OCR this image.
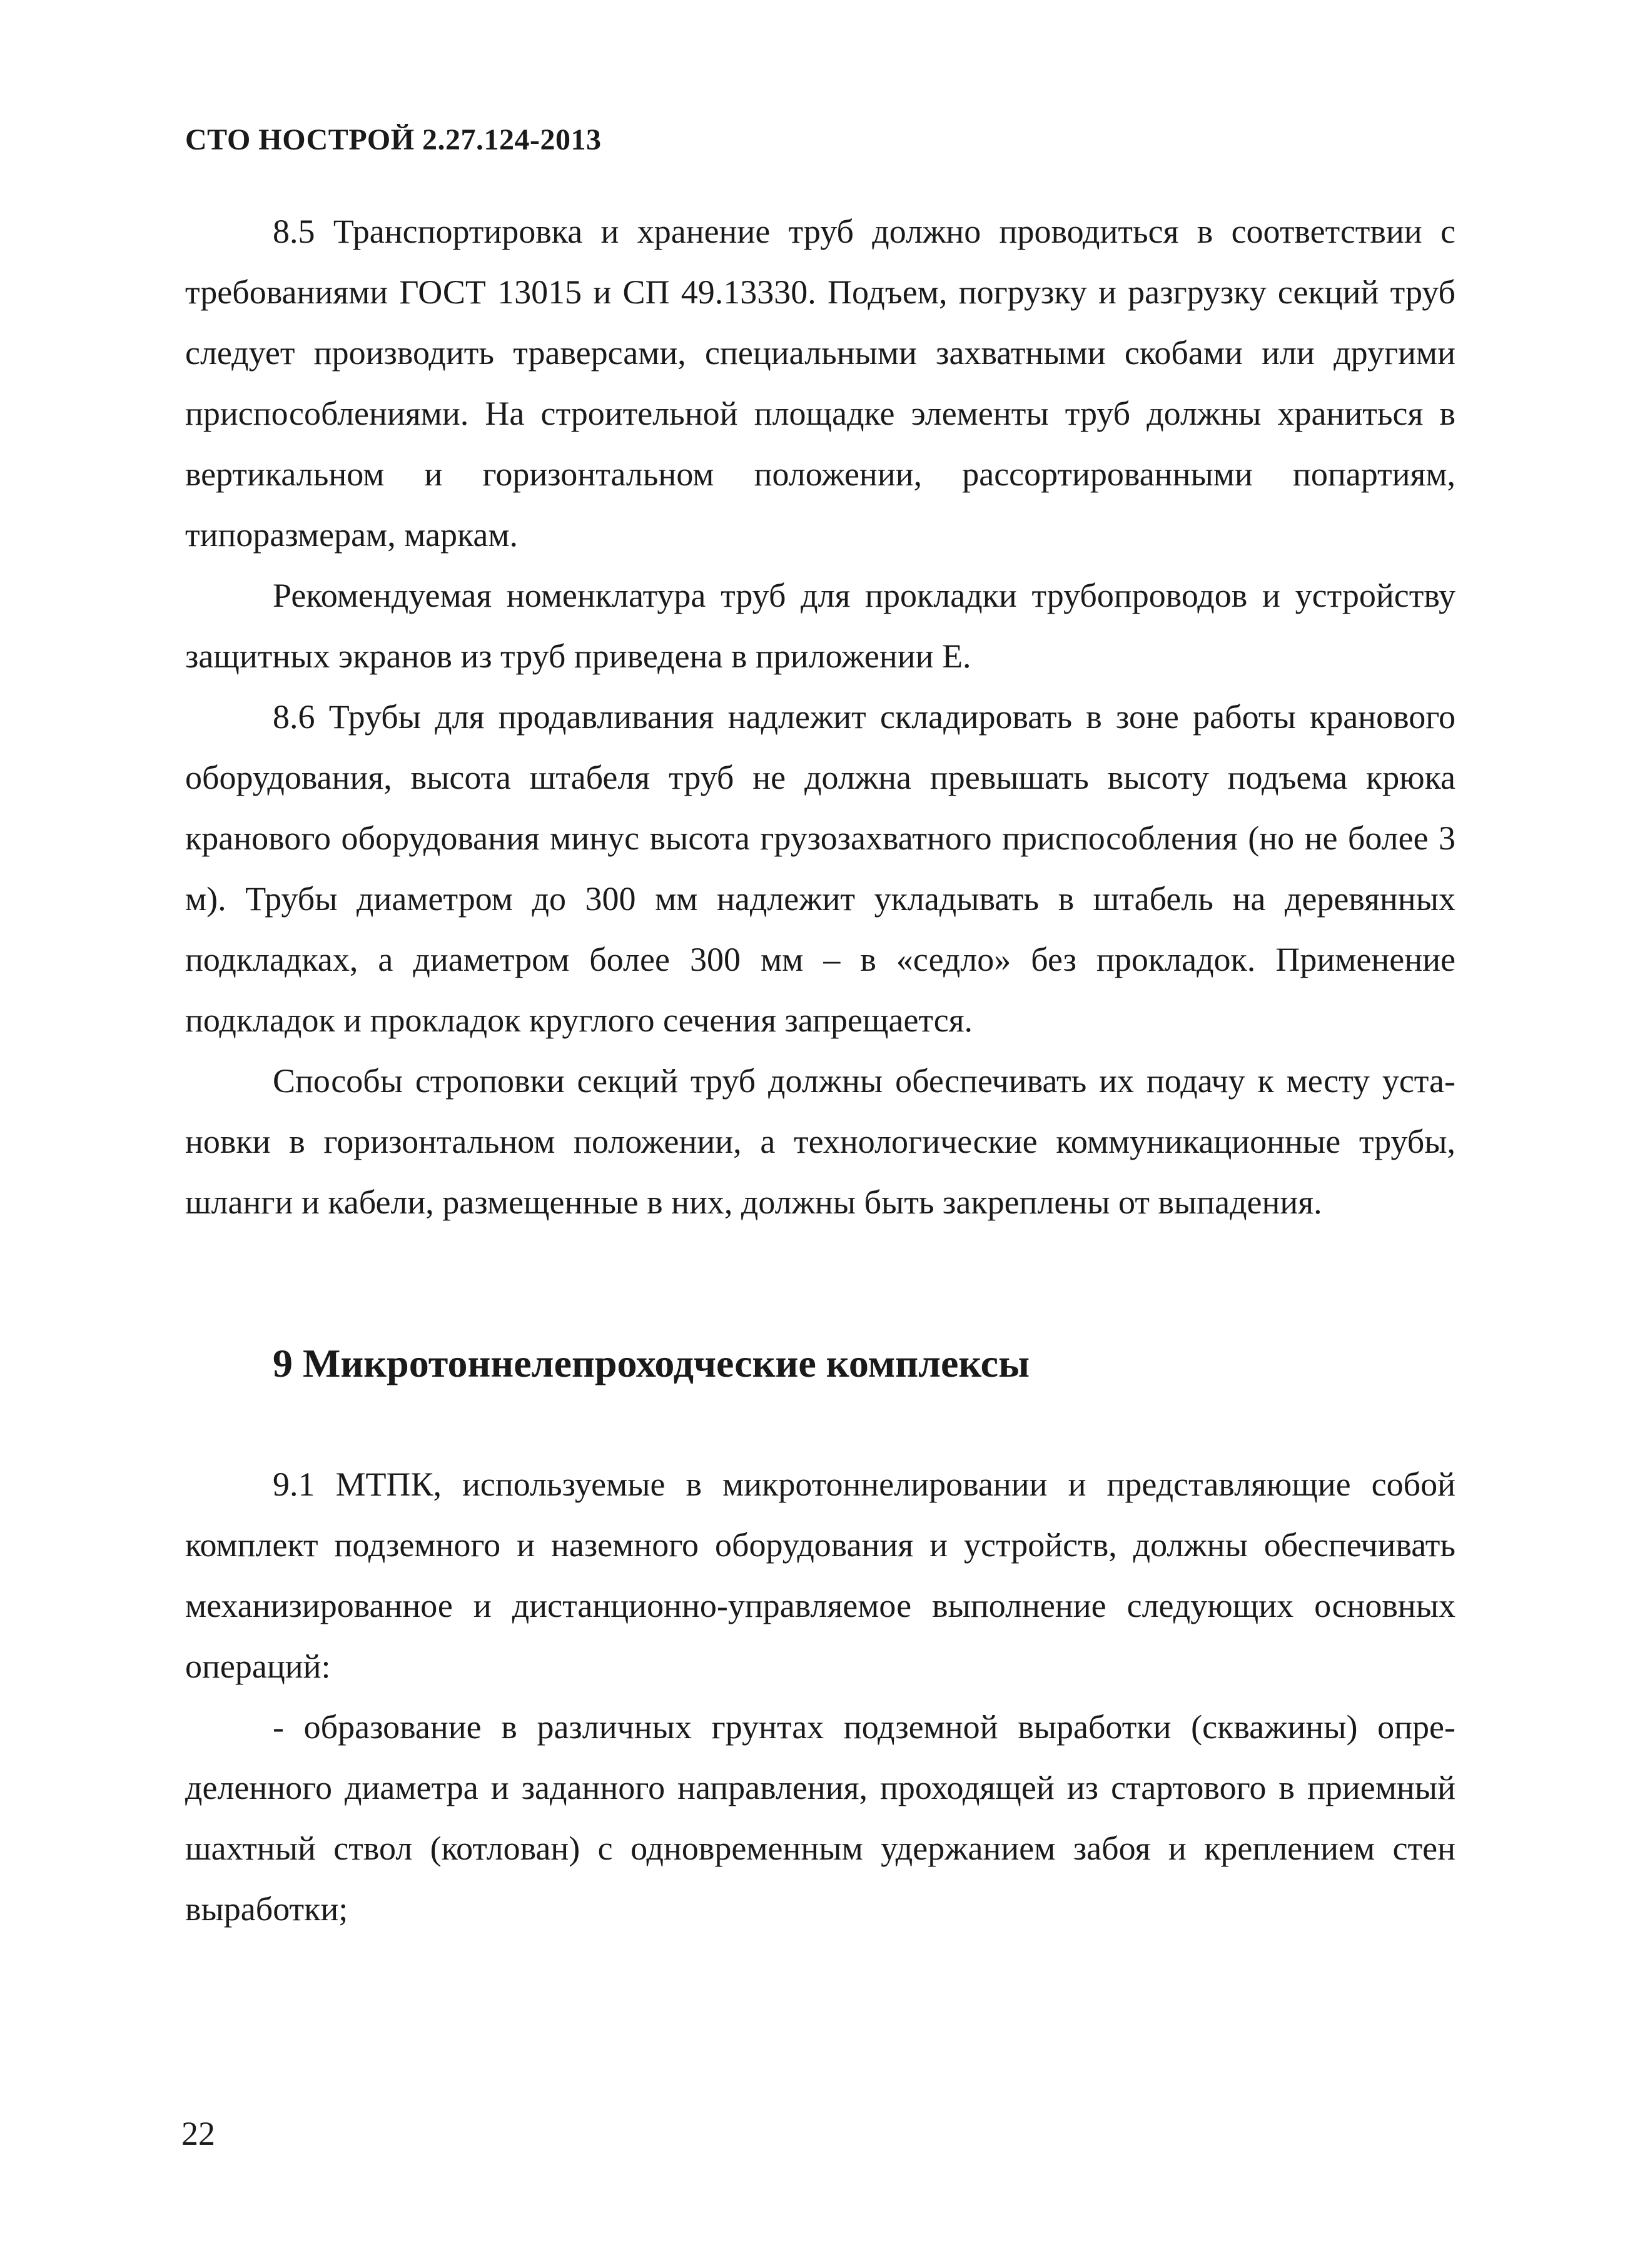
СТО НОСТРОЙ 2.27.124-2013

8.5 Транспортировка и хранение труб должно проводиться в соответствии с требованиями ГОСТ 13015 и СП 49.13330. Подъем, погрузку и разгрузку секций труб следует производить траверсами, специальными захватными скобами или другими приспособлениями. На строительной площадке элементы труб должны храниться в вертикальном и горизонтальном положении, рассортированными попартиям, типоразмерам, маркам.

Рекомендуемая номенклатура труб для прокладки трубопроводов и устройству защитных экранов из труб приведена в приложении Е.

8.6 Трубы для продавливания надлежит складировать в зоне работы кранового оборудования, высота штабеля труб не должна превышать высоту подъема крюка кранового оборудования минус высота грузозахватного приспособления (но не более 3 м). Трубы диаметром до 300 мм надлежит укладывать в штабель на деревянных подкладках, а диаметром более 300 мм – в «седло» без прокладок. Применение подкладок и прокладок круглого сечения запрещается.

Способы строповки секций труб должны обеспечивать их подачу к месту установки в горизонтальном положении, а технологические коммуникационные трубы, шланги и кабели, размещенные в них, должны быть закреплены от выпадения.

9 Микротоннелепроходческие комплексы

9.1 МТПК, используемые в микротоннелировании и представляющие собой комплект подземного и наземного оборудования и устройств, должны обеспечивать механизированное и дистанционно-управляемое выполнение следующих основных операций:

- образование в различных грунтах подземной выработки (скважины) определенного диаметра и заданного направления, проходящей из стартового в приемный шахтный ствол (котлован) с одновременным удержанием забоя и креплением стен выработки;

22
